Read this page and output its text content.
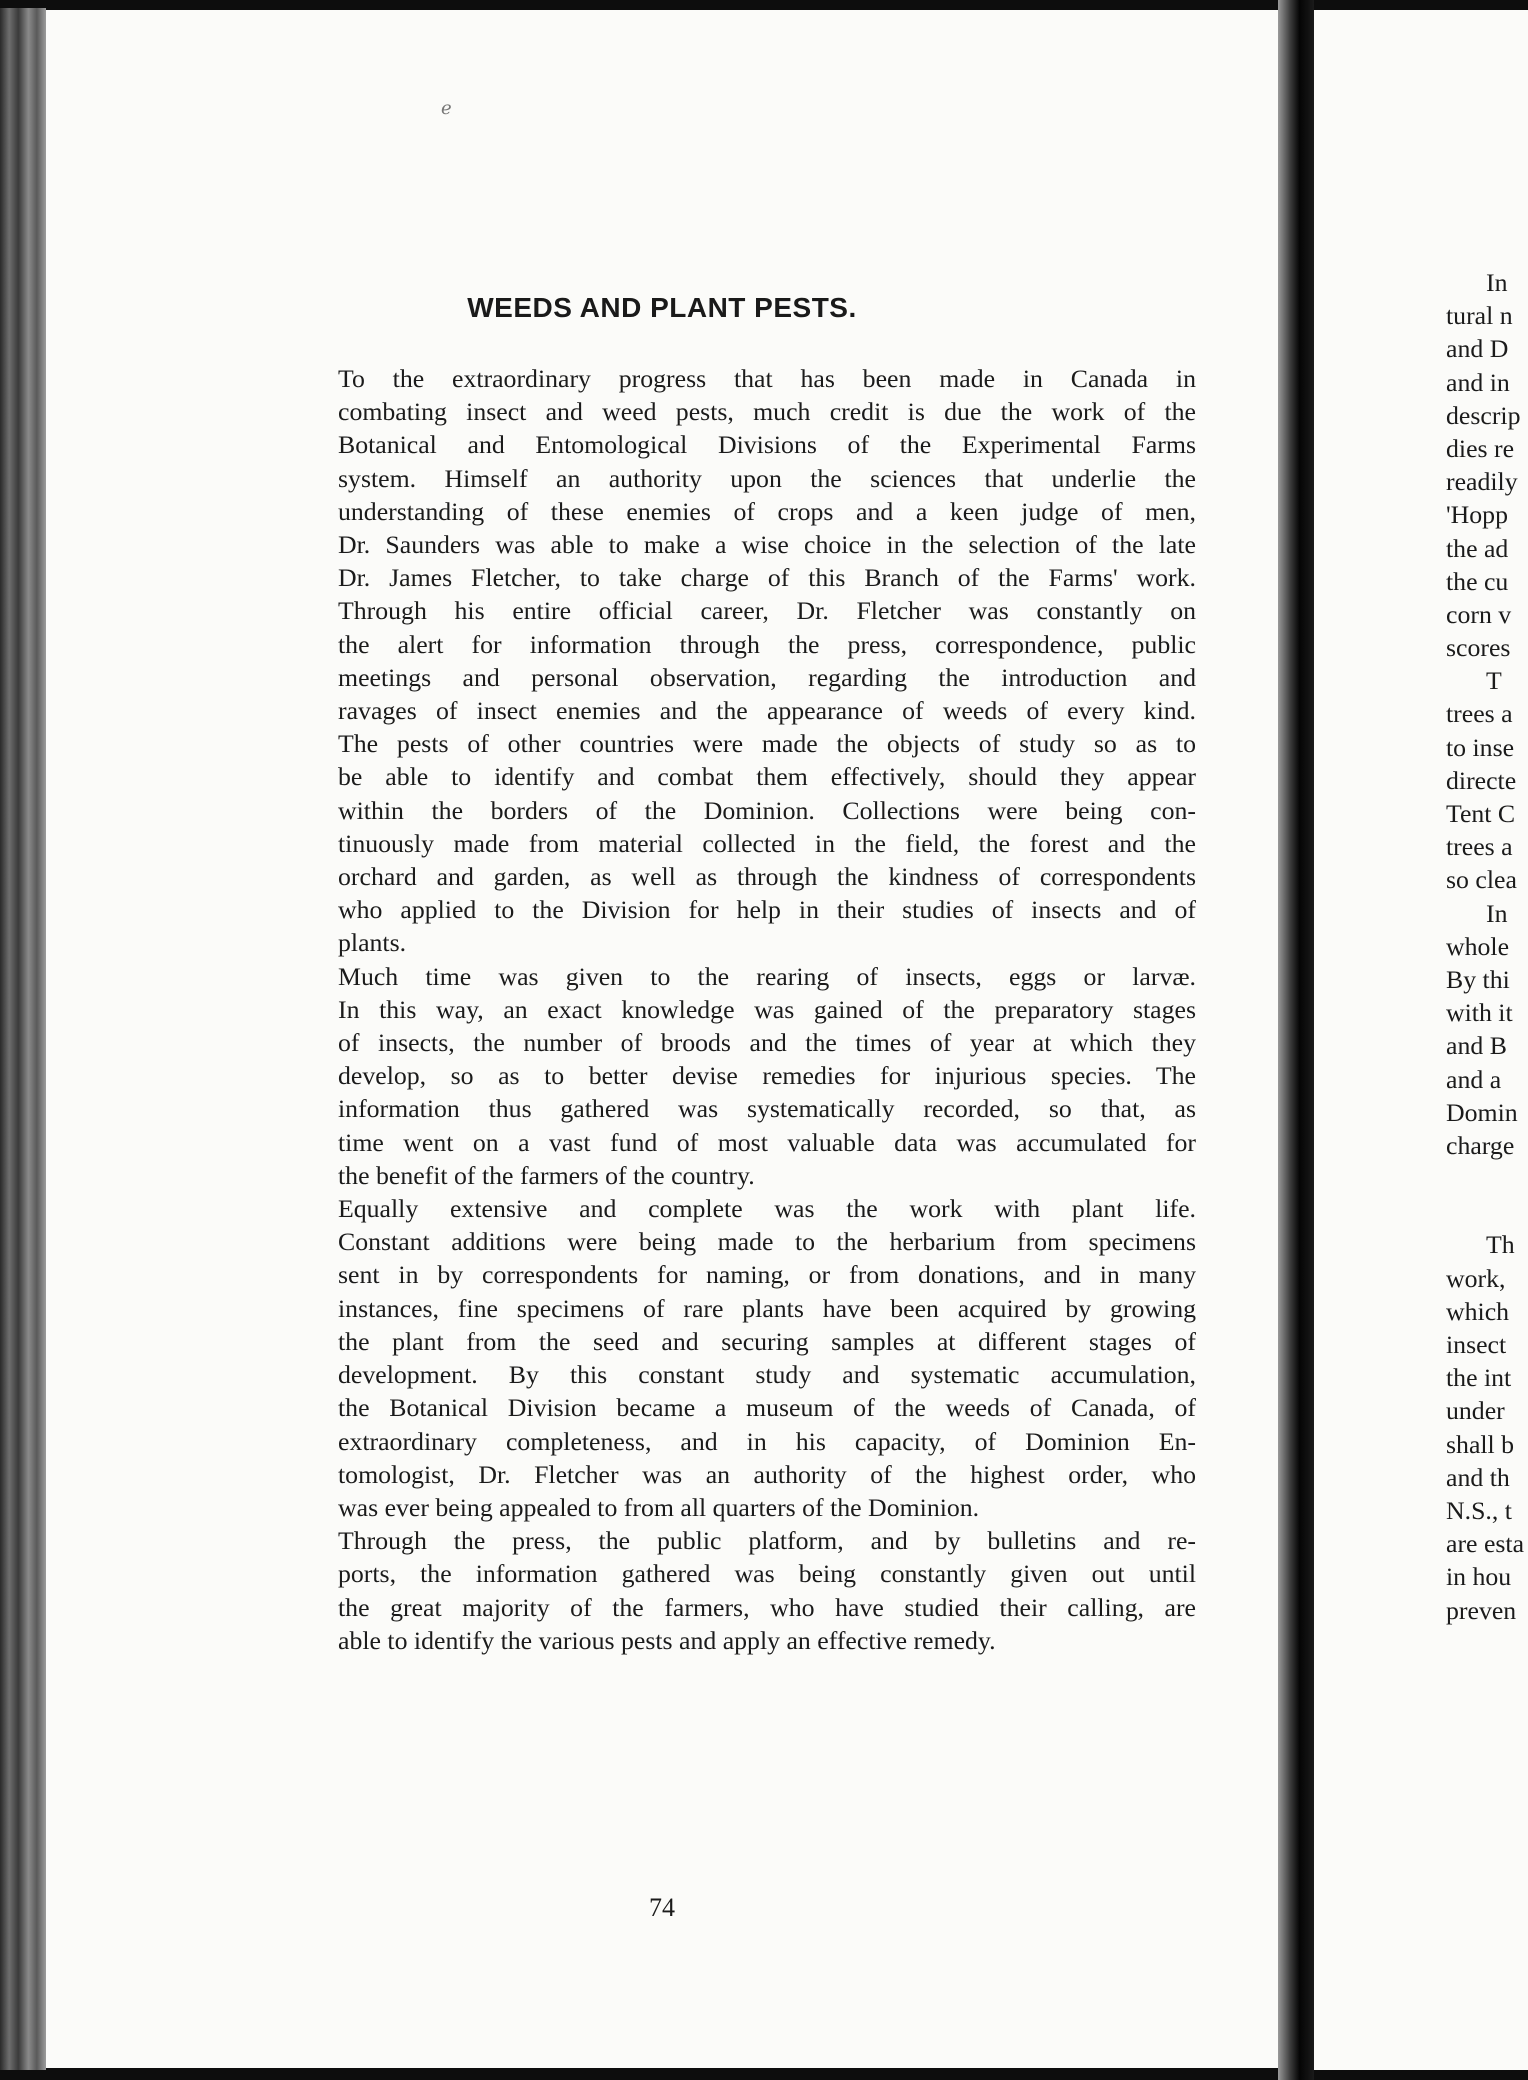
ℯ
WEEDS AND PLANT PESTS.

To the extraordinary progress that has been made in Canada in
combating insect and weed pests, much credit is due the work of the
Botanical and Entomological Divisions of the Experimental Farms
system. Himself an authority upon the sciences that underlie the
understanding of these enemies of crops and a keen judge of men,
Dr. Saunders was able to make a wise choice in the selection of the late
Dr. James Fletcher, to take charge of this Branch of the Farms' work.

Through his entire official career, Dr. Fletcher was constantly on
the alert for information through the press, correspondence, public
meetings and personal observation, regarding the introduction and
ravages of insect enemies and the appearance of weeds of every kind.
The pests of other countries were made the objects of study so as to
be able to identify and combat them effectively, should they appear
within the borders of the Dominion. Collections were being con-
tinuously made from material collected in the field, the forest and the
orchard and garden, as well as through the kindness of correspondents
who applied to the Division for help in their studies of insects and of
plants.

Much time was given to the rearing of insects, eggs or larvæ.
In this way, an exact knowledge was gained of the preparatory stages
of insects, the number of broods and the times of year at which they
develop, so as to better devise remedies for injurious species. The
information thus gathered was systematically recorded, so that, as
time went on a vast fund of most valuable data was accumulated for
the benefit of the farmers of the country.

Equally extensive and complete was the work with plant life.
Constant additions were being made to the herbarium from specimens
sent in by correspondents for naming, or from donations, and in many
instances, fine specimens of rare plants have been acquired by growing
the plant from the seed and securing samples at different stages of
development. By this constant study and systematic accumulation,
the Botanical Division became a museum of the weeds of Canada, of
extraordinary completeness, and in his capacity, of Dominion En-
tomologist, Dr. Fletcher was an authority of the highest order, who
was ever being appealed to from all quarters of the Dominion.

Through the press, the public platform, and by bulletins and re-
ports, the information gathered was being constantly given out until
the great majority of the farmers, who have studied their calling, are
able to identify the various pests and apply an effective remedy.

74
In
tural n
and D
and in
descrip
dies re
readily
'Hopp
the ad
the cu
corn v
scores
T
trees a
to inse
directe
Tent C
trees a
so clea
In
whole
By thi
with it
and B
and a
Domin
charge
Th
work,
which
insect
the int
under
shall b
and th
N.S., t
are esta
in hou
preven
